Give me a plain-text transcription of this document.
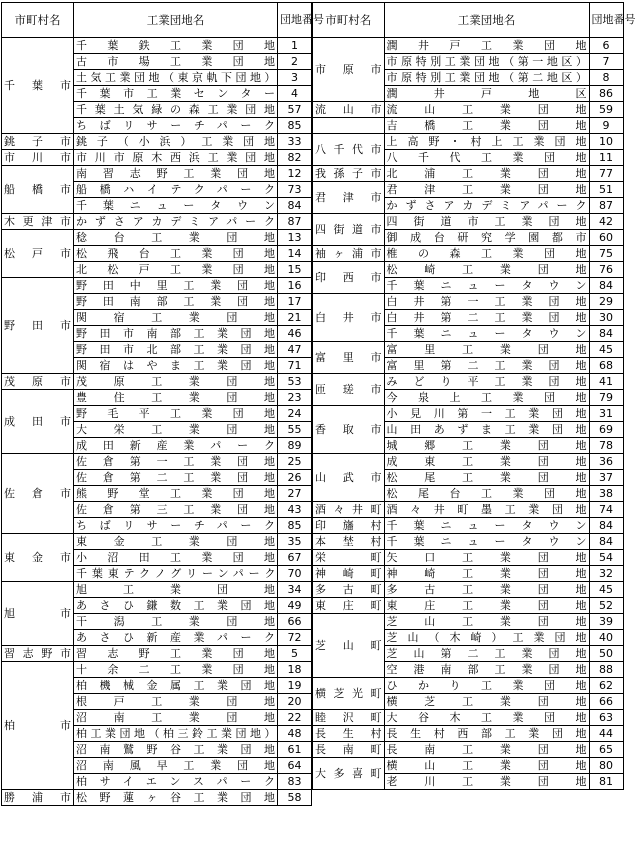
市町村名	工業団地名	団地番号
千　葉　市	千葉鉄工業団地	1
	古市場工業団地	2
	土気工業団地（東京軌下団地）	3
	千葉市工業センター	4
	千葉土気緑の森工業団地	57
	ちばリサーチパーク	85
銚　子　市	銚子（小浜）工業団地	33
市　川　市	市川市原木西浜工業団地	82
船　橋　市	南習志野工業団地	12
	船橋ハイテクパーク	73
	千葉ニュータウン	84
木 更 津 市	かずさアカデミアパーク	87
松　戸　市	稔台工業団地	13
	松飛台工業団地	14
	北松戸工業団地	15
野　田　市	野田中里工業団地	16
	野田南部工業団地	17
	関宿工業団地	21
	野田市南部工業団地	46
	野田市北部工業団地	47
	関宿はやま工業団地	71
茂　原　市	茂原工業団地	53
成　田　市	豊住工業団地	23
	野毛平工業団地	24
	大栄工業団地	55
	成田新産業パーク	89
佐　倉　市	佐倉第一工業団地	25
	佐倉第二工業団地	26
	熊野堂工業団地	27
	佐倉第三工業団地	43
	ちばリサーチパーク	85
東　金　市	東金工業団地	35
	小沼田工業団地	67
	千葉東テクノグリーンパーク	70
旭　　　市	旭工業団地	34
	あさひ鎌数工業団地	49
	干潟工業団地	66
	あさひ新産業パーク	72
習 志 野 市	習志野工業団地	5
柏　　　市	十余二工業団地	18
	柏機械金属工業団地	19
	根戸工業団地	20
	沼南工業団地	22
	柏工業団地（柏三鈴工業団地）	48
	沼南鷲野谷工業団地	61
	沼南風早工業団地	64
	柏サイエンスパーク	83
勝　浦　市	松野蓮ヶ谷工業団地	58
市町村名	工業団地名	団地番号
市　原　市	潤井戸工業団地	6
	市原特別工業団地（第一地区）	7
	市原特別工業団地（第二地区）	8
	潤井戸地区	86
流　山　市	流山工業団地	59
	吉橋工業団地	9
八 千 代 市	上高野・村上工業団地	10
	八千代工業団地	11
我 孫 子 市	北浦工業団地	77
君　津　市	君津工業団地	51
	かずさアカデミアパーク	87
四 街 道 市	四街道市工業団地	42
	御成台研究学園都市	60
袖 ヶ 浦 市	椎の森工業団地	75
印　西　市	松崎工業団地	76
	千葉ニュータウン	84
白　井　市	白井第一工業団地	29
	白井第二工業団地	30
	千葉ニュータウン	84
富　里　市	富里工業団地	45
	富里第二工業団地	68
匝　瑳　市	みどり平工業団地	41
	今泉上工業団地	79
香　取　市	小見川第一工業団地	31
	山田あずま工業団地	69
	城郷工業団地	78
山　武　市	成東工業団地	36
	松尾工業団地	37
	松尾台工業団地	38
酒 々 井 町	酒々井町墨工業団地	74
印　旛　村	千葉ニュータウン	84
本　埜　村	千葉ニュータウン	84
栄　　　町	矢口工業団地	54
神　崎　町	神崎工業団地	32
多　古　町	多古工業団地	45
東　庄　町	東庄工業団地	52
芝　山　町	芝山工業団地	39
	芝山（木崎）工業団地	40
	芝山第二工業団地	50
	空港南部工業団地	88
横 芝 光 町	ひかり工業団地	62
	横芝工業団地	66
睦　沢　町	大谷木工業団地	63
長　生　村	長生村西部工業団地	44
長　南　町	長南工業団地	65
大 多 喜 町	横山工業団地	80
	老川工業団地	81
